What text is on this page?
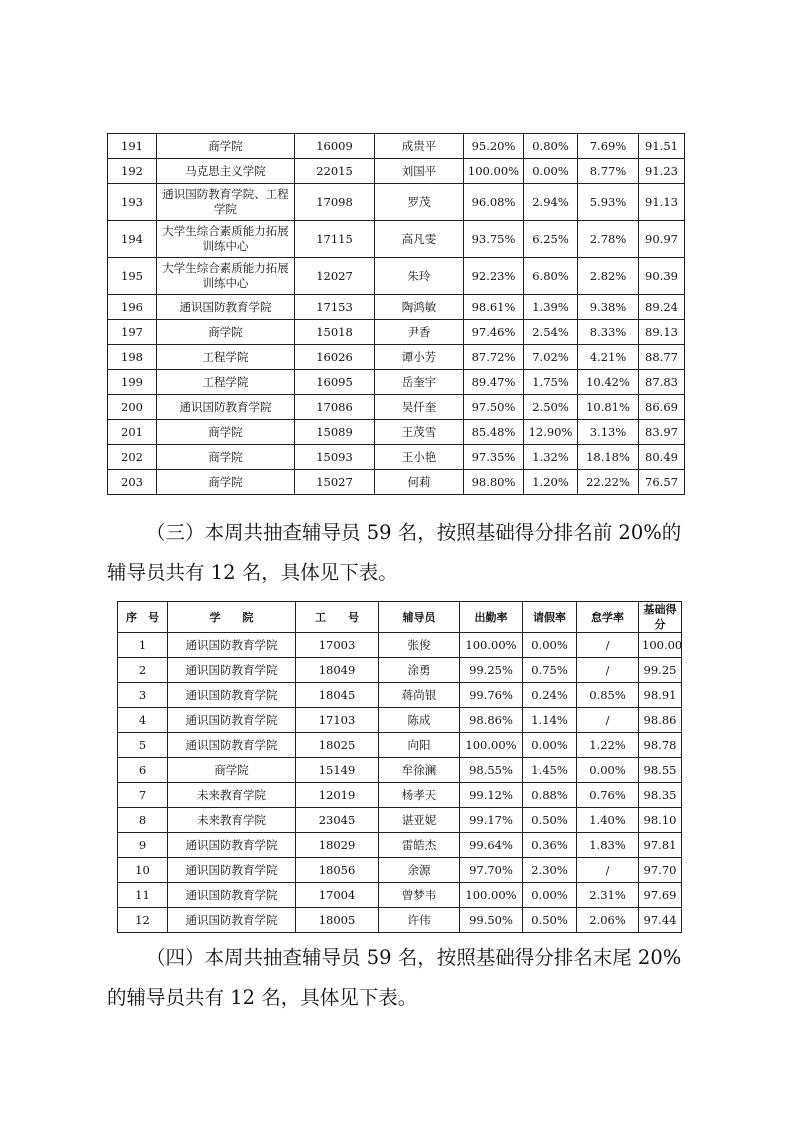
191	商学院	16009	成贵平	95.20%	0.80%	7.69%	91.51
192	马克思主义学院	22015	刘国平	100.00%	0.00%	8.77%	91.23
193	通识国防教育学院、工程学院	17098	罗茂	96.08%	2.94%	5.93%	91.13
194	大学生综合素质能力拓展训练中心	17115	高凡雯	93.75%	6.25%	2.78%	90.97
195	大学生综合素质能力拓展训练中心	12027	朱玲	92.23%	6.80%	2.82%	90.39
196	通识国防教育学院	17153	陶鸿敏	98.61%	1.39%	9.38%	89.24
197	商学院	15018	尹香	97.46%	2.54%	8.33%	89.13
198	工程学院	16026	谭小芳	87.72%	7.02%	4.21%	88.77
199	工程学院	16095	岳奎宇	89.47%	1.75%	10.42%	87.83
200	通识国防教育学院	17086	吴仟奎	97.50%	2.50%	10.81%	86.69
201	商学院	15089	王茂雪	85.48%	12.90%	3.13%	83.97
202	商学院	15093	王小艳	97.35%	1.32%	18.18%	80.49
203	商学院	15027	何莉	98.80%	1.20%	22.22%	76.57

（三）本周共抽查辅导员 59 名，按照基础得分排名前 20%的
辅导员共有 12 名，具体见下表。

序　号	学　　院	工　　号	辅导员	出勤率	请假率	怠学率	基础得分
1	通识国防教育学院	17003	张俊	100.00%	0.00%	/	100.00
2	通识国防教育学院	18049	涂勇	99.25%	0.75%	/	99.25
3	通识国防教育学院	18045	蒋尚银	99.76%	0.24%	0.85%	98.91
4	通识国防教育学院	17103	陈成	98.86%	1.14%	/	98.86
5	通识国防教育学院	18025	向阳	100.00%	0.00%	1.22%	98.78
6	商学院	15149	牟徐澜	98.55%	1.45%	0.00%	98.55
7	未来教育学院	12019	杨孝天	99.12%	0.88%	0.76%	98.35
8	未来教育学院	23045	谌亚妮	99.17%	0.50%	1.40%	98.10
9	通识国防教育学院	18029	雷皓杰	99.64%	0.36%	1.83%	97.81
10	通识国防教育学院	18056	余源	97.70%	2.30%	/	97.70
11	通识国防教育学院	17004	曾梦韦	100.00%	0.00%	2.31%	97.69
12	通识国防教育学院	18005	许伟	99.50%	0.50%	2.06%	97.44

（四）本周共抽查辅导员 59 名，按照基础得分排名末尾 20%
的辅导员共有 12 名，具体见下表。
